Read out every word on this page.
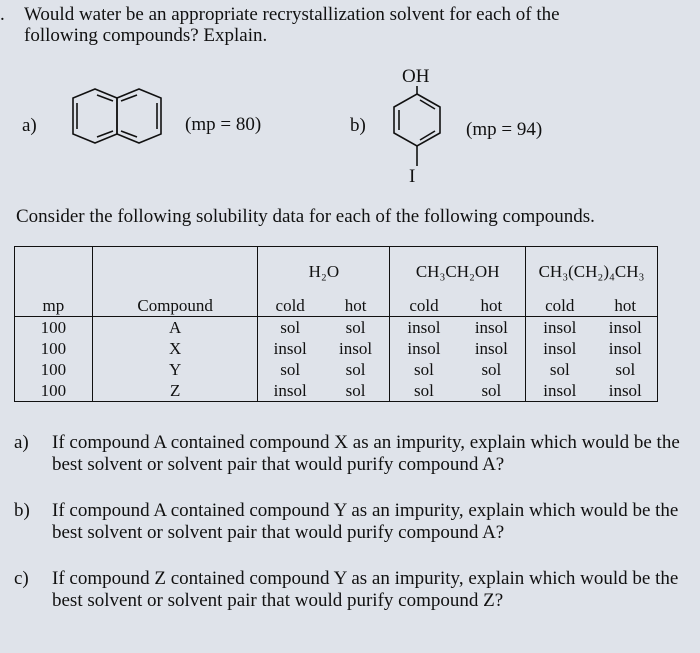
. Would water be an appropriate recrystallization solvent for each of the
following compounds? Explain.
a)	(mp = 80)	b)
OH
I
(mp = 94)
Consider the following solubility data for each of the following compounds.
		H₂O		CH₃CH₂OH		CH₃(CH₂)₄CH₃	
mp	Compound	cold	hot	cold	hot	cold	hot
100	A	sol	sol	insol	insol	insol	insol
100	X	insol	insol	insol	insol	insol	insol
100	Y	sol	sol	sol	sol	sol	sol
100	Z	insol	sol	sol	sol	insol	insol
a) If compound A contained compound X as an impurity, explain which would be the best solvent or solvent pair that would purify compound A?
b) If compound A contained compound Y as an impurity, explain which would be the best solvent or solvent pair that would purify compound A?
c) If compound Z contained compound Y as an impurity, explain which would be the best solvent or solvent pair that would purify compound Z?
